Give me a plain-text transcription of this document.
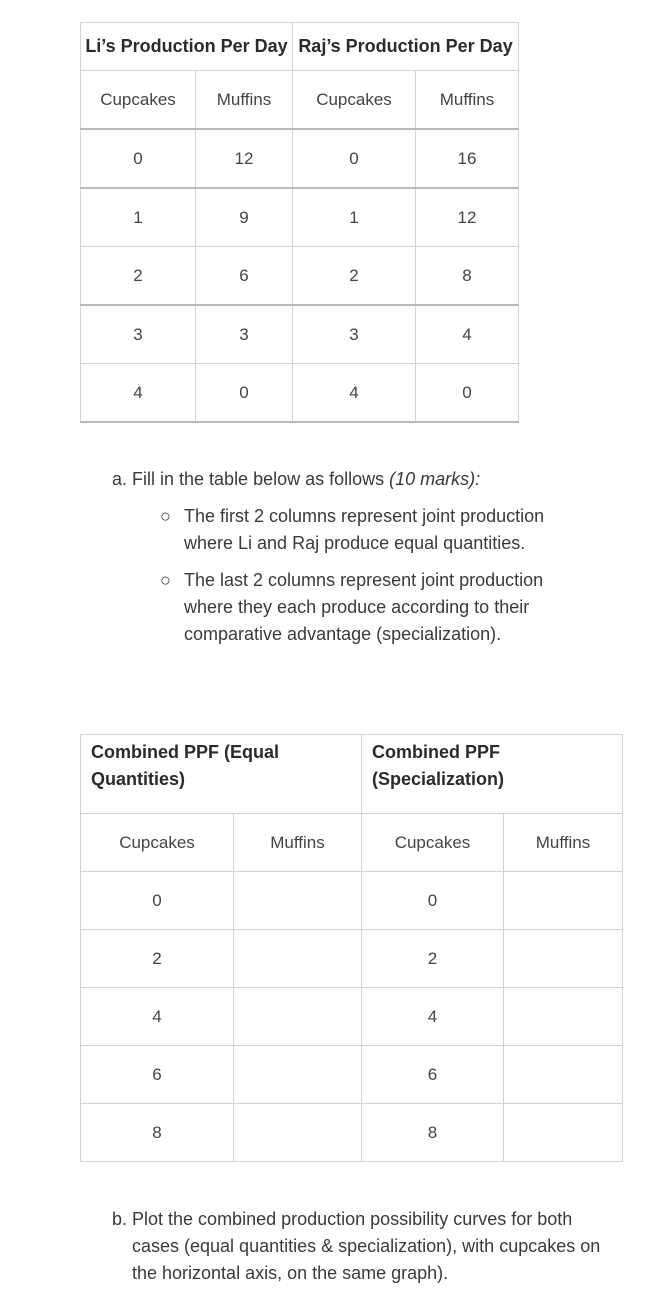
Li’s Production Per Day		Raj’s Production Per Day	
Cupcakes	Muffins	Cupcakes	Muffins
0	12	0	16
1	9	1	12
2	6	2	8
3	3	3	4
4	0	4	0
a. Fill in the table below as follows (10 marks):
○ The first 2 columns represent joint production where Li and Raj produce equal quantities.
○ The last 2 columns represent joint production where they each produce according to their comparative advantage (specialization).
Combined PPF (Equal Quantities)		Combined PPF (Specialization)	
Cupcakes	Muffins	Cupcakes	Muffins
0		0	
2		2	
4		4	
6		6	
8		8	
b. Plot the combined production possibility curves for both cases (equal quantities & specialization), with cupcakes on the horizontal axis, on the same graph).
